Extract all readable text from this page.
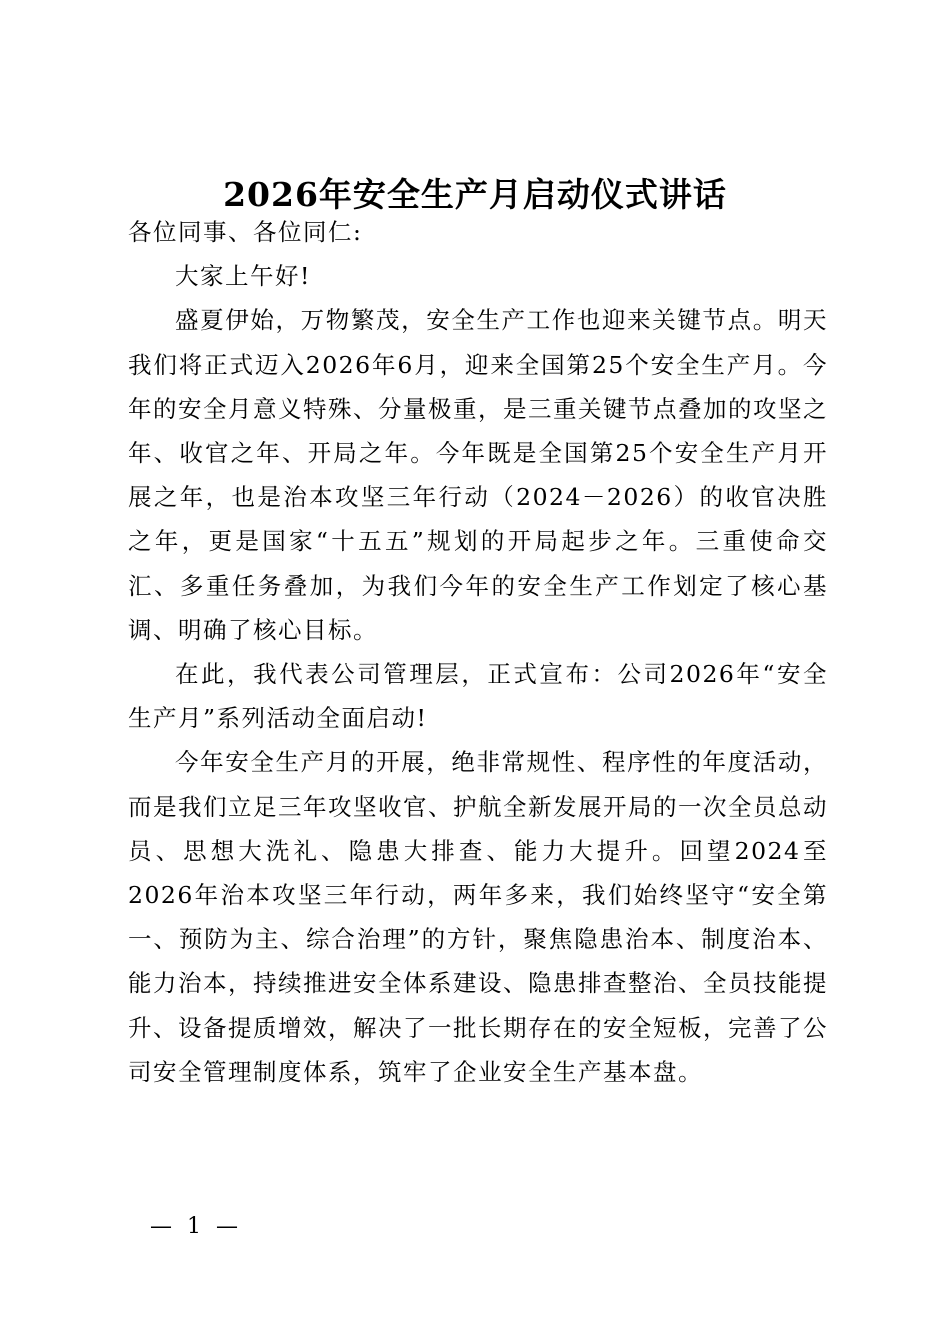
2026年安全生产月启动仪式讲话

各位同事、各位同仁:

大家上午好!

盛夏伊始，万物繁茂，安全生产工作也迎来关键节点。明天我们将正式迈入2026年6月，迎来全国第25个安全生产月。今年的安全月意义特殊、分量极重，是三重关键节点叠加的攻坚之年、收官之年、开局之年。今年既是全国第25个安全生产月开展之年，也是治本攻坚三年行动（2024－2026）的收官决胜之年，更是国家“十五五”规划的开局起步之年。三重使命交汇、多重任务叠加，为我们今年的安全生产工作划定了核心基调、明确了核心目标。

在此，我代表公司管理层，正式宣布：公司2026年“安全生产月”系列活动全面启动!

今年安全生产月的开展，绝非常规性、程序性的年度活动，而是我们立足三年攻坚收官、护航全新发展开局的一次全员总动员、思想大洗礼、隐患大排查、能力大提升。回望2024至2026年治本攻坚三年行动，两年多来，我们始终坚守“安全第一、预防为主、综合治理”的方针，聚焦隐患治本、制度治本、能力治本，持续推进安全体系建设、隐患排查整治、全员技能提升、设备提质增效，解决了一批长期存在的安全短板，完善了公司安全管理制度体系，筑牢了企业安全生产基本盘。

— 1 —
